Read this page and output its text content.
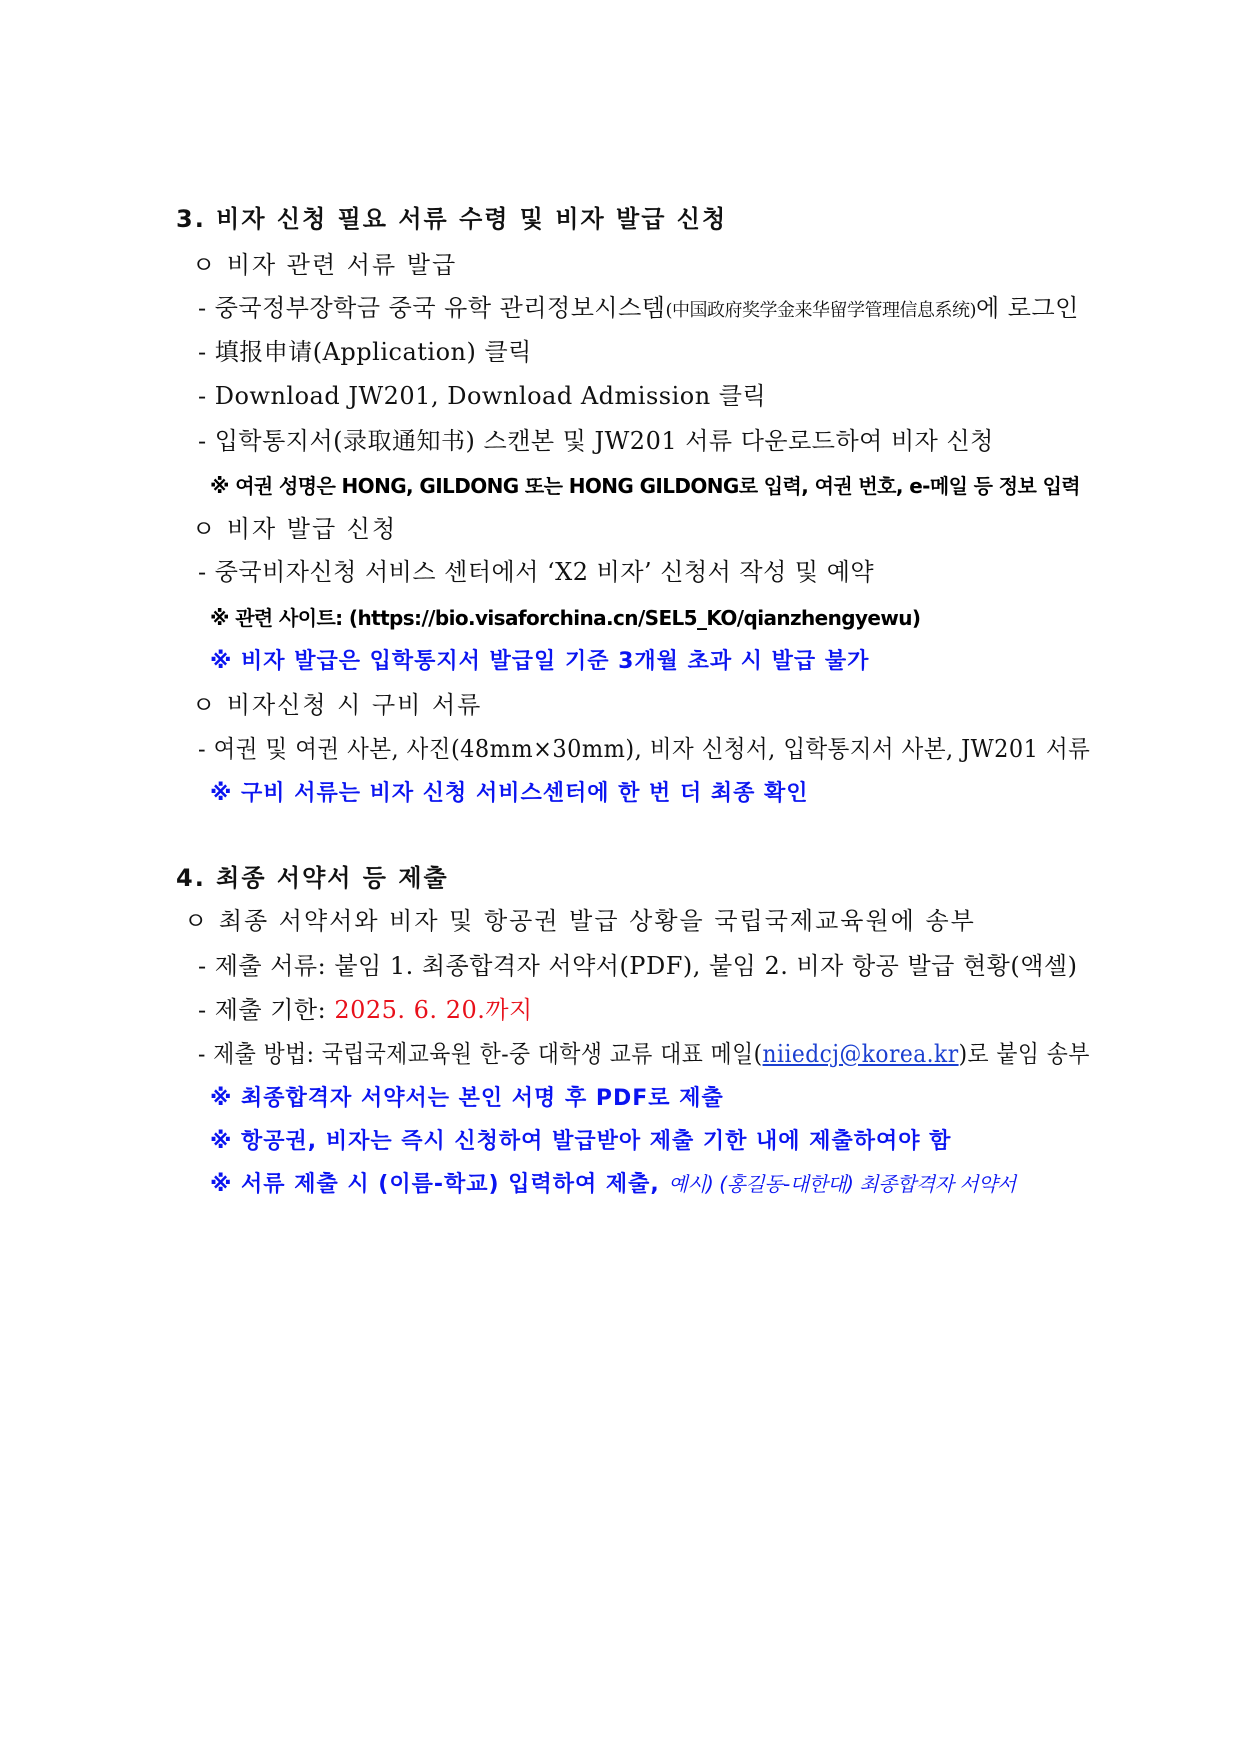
3. 비자 신청 필요 서류 수령 및 비자 발급 신청
ㅇ 비자 관련 서류 발급
- 중국정부장학금 중국 유학 관리정보시스템(中国政府奖学金来华留学管理信息系统)에 로그인
- 填报申请(Application) 클릭
- Download JW201, Download Admission 클릭
- 입학통지서(录取通知书) 스캔본 및 JW201 서류 다운로드하여 비자 신청
※ 여권 성명은 HONG, GILDONG 또는 HONG GILDONG로 입력, 여권 번호, e-메일 등 정보 입력
ㅇ 비자 발급 신청
- 중국비자신청 서비스 센터에서 ‘X2 비자’ 신청서 작성 및 예약
※ 관련 사이트: (https://bio.visaforchina.cn/SEL5_KO/qianzhengyewu)
※ 비자 발급은 입학통지서 발급일 기준 3개월 초과 시 발급 불가
ㅇ 비자신청 시 구비 서류
- 여권 및 여권 사본, 사진(48mm×30mm), 비자 신청서, 입학통지서 사본, JW201 서류
※ 구비 서류는 비자 신청 서비스센터에 한 번 더 최종 확인
4. 최종 서약서 등 제출
ㅇ 최종 서약서와 비자 및 항공권 발급 상황을 국립국제교육원에 송부
- 제출 서류: 붙임 1. 최종합격자 서약서(PDF), 붙임 2. 비자 항공 발급 현황(액셀)
- 제출 기한: 2025. 6. 20.까지
- 제출 방법: 국립국제교육원 한-중 대학생 교류 대표 메일(niiedcj@korea.kr)로 붙임 송부
※ 최종합격자 서약서는 본인 서명 후 PDF로 제출
※ 항공권, 비자는 즉시 신청하여 발급받아 제출 기한 내에 제출하여야 함
※ 서류 제출 시 (이름-학교) 입력하여 제출, 예시) (홍길동-대한대) 최종합격자 서약서
